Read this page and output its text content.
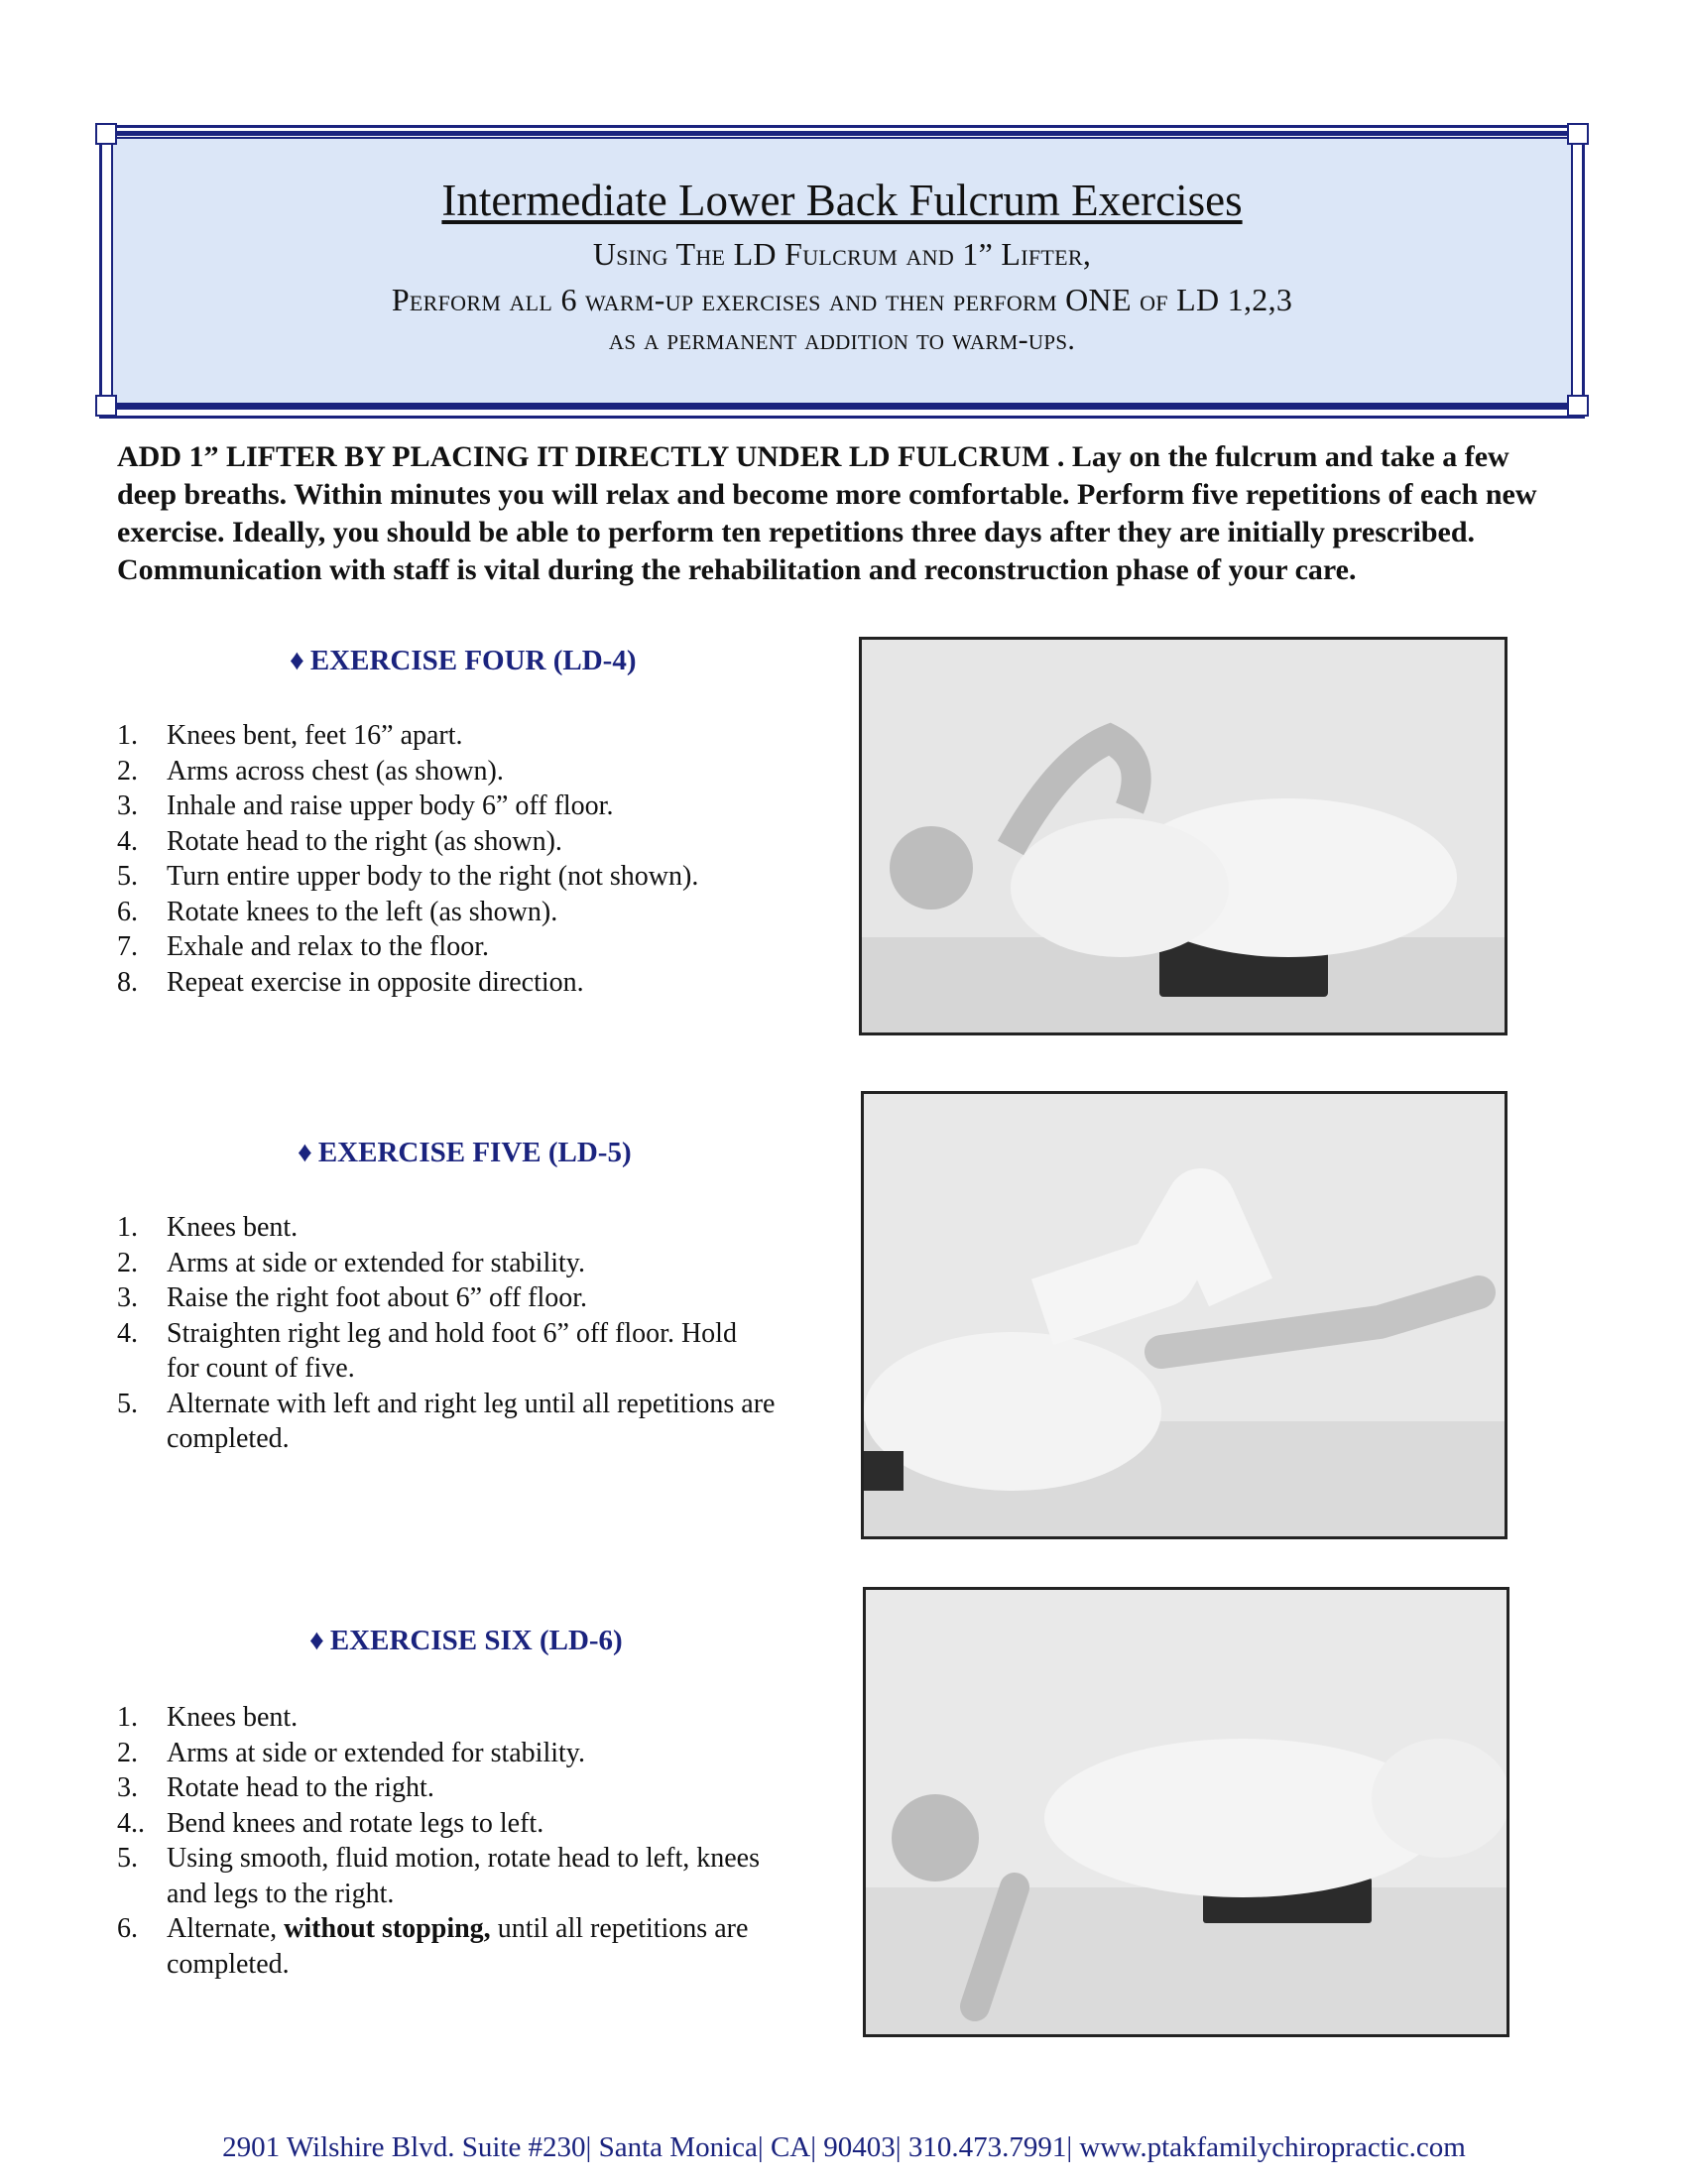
Intermediate Lower Back Fulcrum Exercises
Using The LD Fulcrum and 1” Lifter,
Perform all 6 warm-up exercises and then perform ONE of LD 1,2,3
as a permanent addition to warm-ups.
ADD 1” LIFTER BY PLACING IT DIRECTLY UNDER LD FULCRUM . Lay on the fulcrum and take a few deep breaths. Within minutes you will relax and become more comfortable. Perform five repetitions of each new exercise. Ideally, you should be able to perform ten repetitions three days after they are initially prescribed. Communication with staff is vital during the rehabilitation and reconstruction phase of your care.
♦ EXERCISE FOUR (LD-4)
1.	Knees bent, feet 16” apart.
2.	Arms across chest (as shown).
3.	Inhale and raise upper body 6” off floor.
4.	Rotate head to the right (as shown).
5.	Turn entire upper body to the right (not shown).
6.	Rotate knees to the left (as shown).
7.	Exhale and relax to the floor.
8.	Repeat exercise in opposite direction.
♦ EXERCISE FIVE (LD-5)
1.	Knees bent.
2.	Arms at side or extended for stability.
3.	Raise the right foot about 6” off floor.
4.	Straighten right leg and hold foot 6” off floor. Hold for count of five.
5.	Alternate with left and right leg until all repetitions are completed.
♦ EXERCISE SIX (LD-6)
1.	Knees bent.
2.	Arms at side or extended for stability.
3.	Rotate head to the right.
4.. Bend knees and rotate legs to left.
5.	Using smooth, fluid motion, rotate head to left, knees and legs to the right.
6.	Alternate, without stopping, until all repetitions are completed.
2901 Wilshire Blvd. Suite #230| Santa Monica| CA| 90403| 310.473.7991| www.ptakfamilychiropractic.com
